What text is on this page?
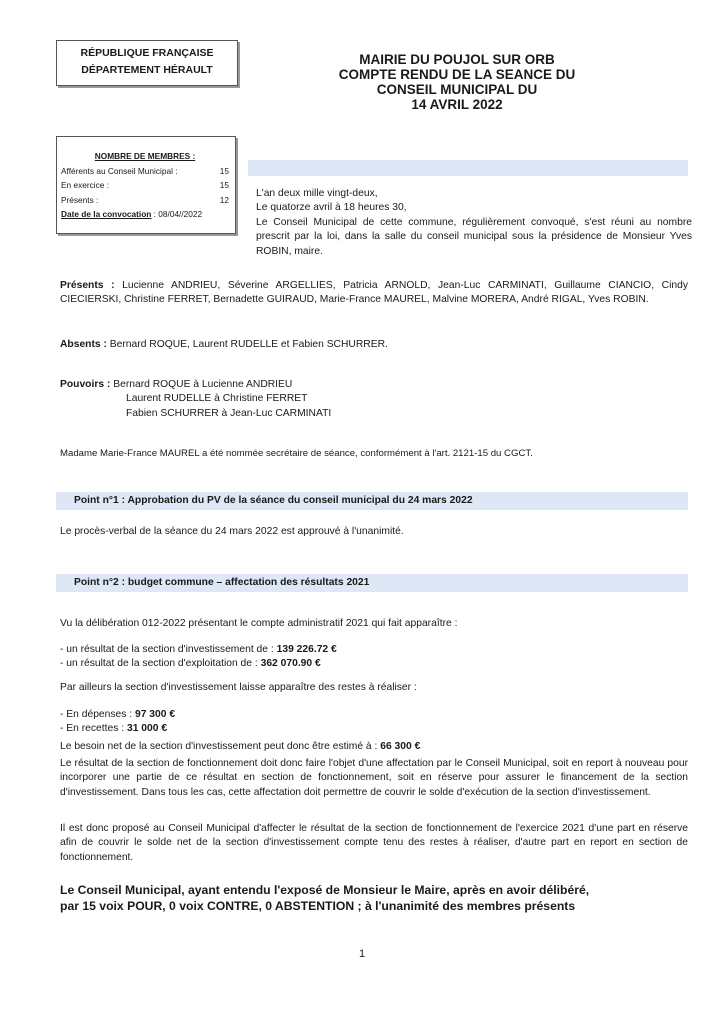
RÉPUBLIQUE FRANÇAISE
DÉPARTEMENT HÉRAULT
MAIRIE DU POUJOL SUR ORB
COMPTE RENDU DE LA SEANCE DU
CONSEIL MUNICIPAL DU
14 AVRIL 2022
NOMBRE DE MEMBRES :
Afférents au Conseil Municipal :	15
En exercice :	15
Présents :	12
Date de la convocation : 08/04//2022
L'an deux mille vingt-deux,
Le quatorze avril à 18 heures 30,
Le Conseil Municipal de cette commune, régulièrement convoqué, s'est réuni au nombre prescrit par la loi, dans la salle du conseil municipal sous la présidence de Monsieur Yves ROBIN, maire.
Présents : Lucienne ANDRIEU, Séverine ARGELLIES, Patricia ARNOLD, Jean-Luc CARMINATI, Guillaume CIANCIO, Cindy CIECIERSKI, Christine FERRET, Bernadette GUIRAUD, Marie-France MAUREL, Malvine MORERA, André RIGAL, Yves ROBIN.
Absents : Bernard ROQUE, Laurent RUDELLE et Fabien SCHURRER.
Pouvoirs : Bernard ROQUE à Lucienne ANDRIEU
Laurent RUDELLE à Christine FERRET
Fabien SCHURRER à Jean-Luc CARMINATI
Madame Marie-France MAUREL a été nommée secrétaire de séance, conformément à l'art. 2121-15 du CGCT.
Point n°1 : Approbation du PV de la séance du conseil municipal du 24 mars 2022
Le procès-verbal de la séance du 24 mars 2022 est approuvé à l'unanimité.
Point n°2 : budget commune – affectation des résultats 2021
Vu la délibération 012-2022 présentant le compte administratif 2021 qui fait apparaître :
- un résultat de la section d'investissement de : 139 226.72 €
- un résultat de la section d'exploitation de : 362 070.90 €
Par ailleurs la section d'investissement laisse apparaître des restes à réaliser :
- En dépenses : 97 300 €
- En recettes : 31 000 €
Le besoin net de la section d'investissement peut donc être estimé à : 66 300 €
Le résultat de la section de fonctionnement doit donc faire l'objet d'une affectation par le Conseil Municipal, soit en report à nouveau pour incorporer une partie de ce résultat en section de fonctionnement, soit en réserve pour assurer le financement de la section d'investissement. Dans tous les cas, cette affectation doit permettre de couvrir le solde d'exécution de la section d'investissement.
Il est donc proposé au Conseil Municipal d'affecter le résultat de la section de fonctionnement de l'exercice 2021 d'une part en réserve afin de couvrir le solde net de la section d'investissement compte tenu des restes à réaliser, d'autre part en report en section de fonctionnement.
Le Conseil Municipal, ayant entendu l'exposé de Monsieur le Maire, après en avoir délibéré,
par 15 voix POUR, 0 voix CONTRE, 0 ABSTENTION ; à l'unanimité des membres présents
1
